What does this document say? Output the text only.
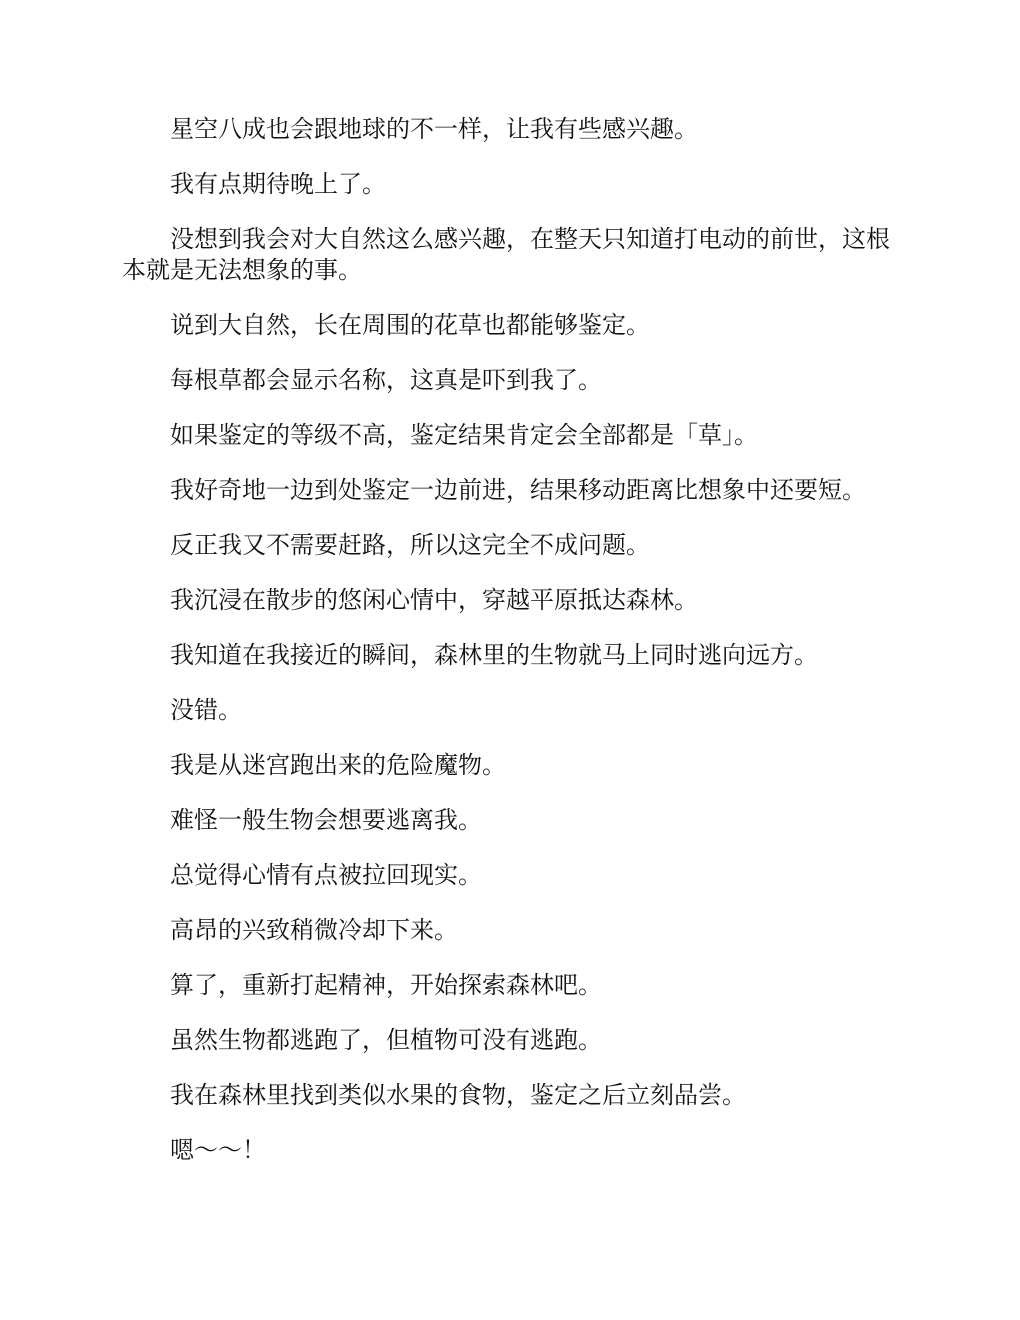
星空八成也会跟地球的不一样，让我有些感兴趣。

我有点期待晚上了。

没想到我会对大自然这么感兴趣，在整天只知道打电动的前世，这根本就是无法想象的事。

说到大自然，长在周围的花草也都能够鉴定。

每根草都会显示名称，这真是吓到我了。

如果鉴定的等级不高，鉴定结果肯定会全部都是「草」。

我好奇地一边到处鉴定一边前进，结果移动距离比想象中还要短。

反正我又不需要赶路，所以这完全不成问题。

我沉浸在散步的悠闲心情中，穿越平原抵达森林。

我知道在我接近的瞬间，森林里的生物就马上同时逃向远方。

没错。

我是从迷宫跑出来的危险魔物。

难怪一般生物会想要逃离我。

总觉得心情有点被拉回现实。

高昂的兴致稍微冷却下来。

算了，重新打起精神，开始探索森林吧。

虽然生物都逃跑了，但植物可没有逃跑。

我在森林里找到类似水果的食物，鉴定之后立刻品尝。

嗯～～！
